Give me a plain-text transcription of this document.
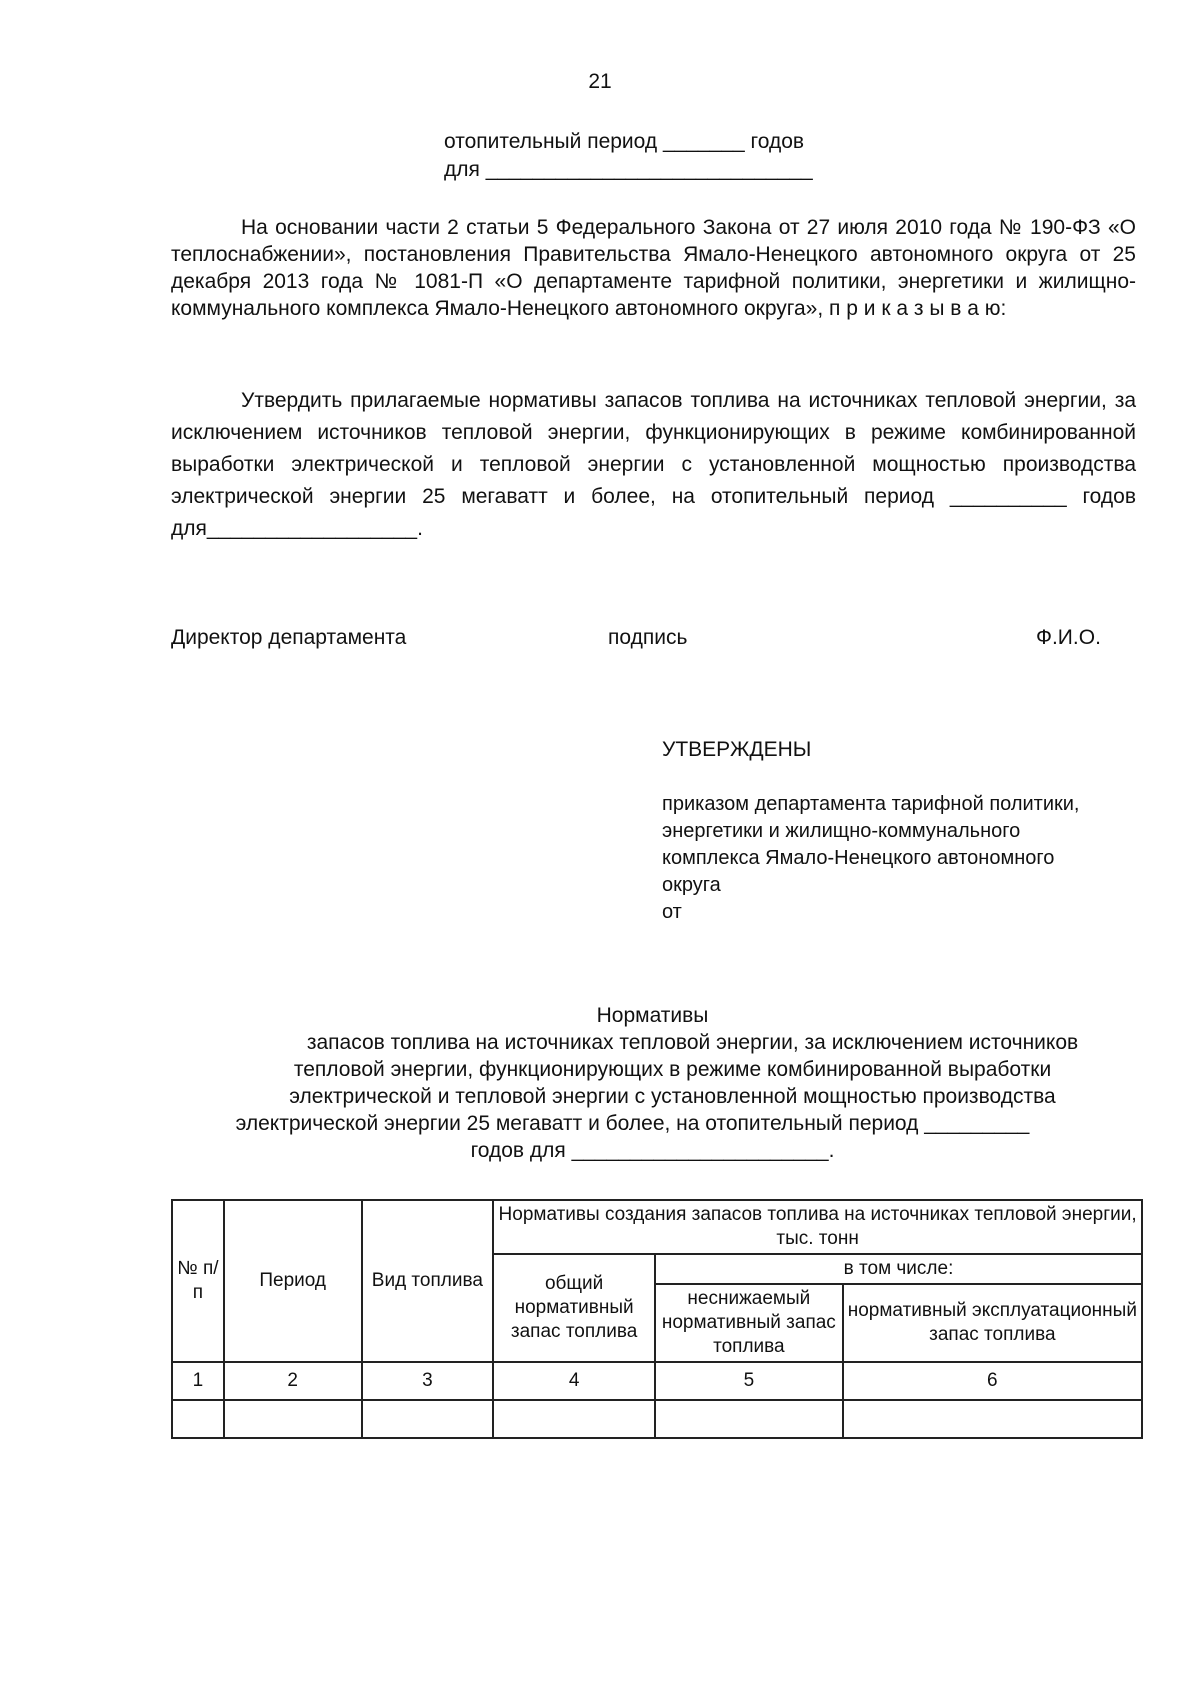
21
отопительный период _______ годов
для ____________________________
На основании части 2 статьи 5 Федерального Закона от 27 июля 2010 года № 190-ФЗ «О теплоснабжении», постановления Правительства Ямало-Ненецкого автономного округа от 25 декабря 2013 года № 1081-П «О департаменте тарифной политики, энергетики и жилищно-коммунального комплекса Ямало-Ненецкого автономного округа», п р и к а з ы в а ю:
Утвердить прилагаемые нормативы запасов топлива на источниках тепловой энергии, за исключением источников тепловой энергии, функционирующих в режиме комбинированной выработки электрической и тепловой энергии с установленной мощностью производства электрической энергии 25 мегаватт и более, на отопительный период __________ годов для__________________.
Директор департамента	подпись	Ф.И.О.
УТВЕРЖДЕНЫ
приказом департамента тарифной политики,
энергетики и жилищно-коммунального
комплекса Ямало-Ненецкого автономного
округа
от
Нормативы
запасов топлива на источниках тепловой энергии, за исключением источников
тепловой энергии, функционирующих в режиме комбинированной выработки
электрической и тепловой энергии с установленной мощностью производства
электрической энергии 25 мегаватт и более, на отопительный период _________
годов для ______________________.
№ п/п	Период	Вид топлива	Нормативы создания запасов топлива на источниках тепловой энергии, тыс. тонн		
			общий нормативный запас топлива	в том числе:	
				неснижаемый нормативный запас топлива	нормативный эксплуатационный запас топлива
1	2	3	4	5	6
